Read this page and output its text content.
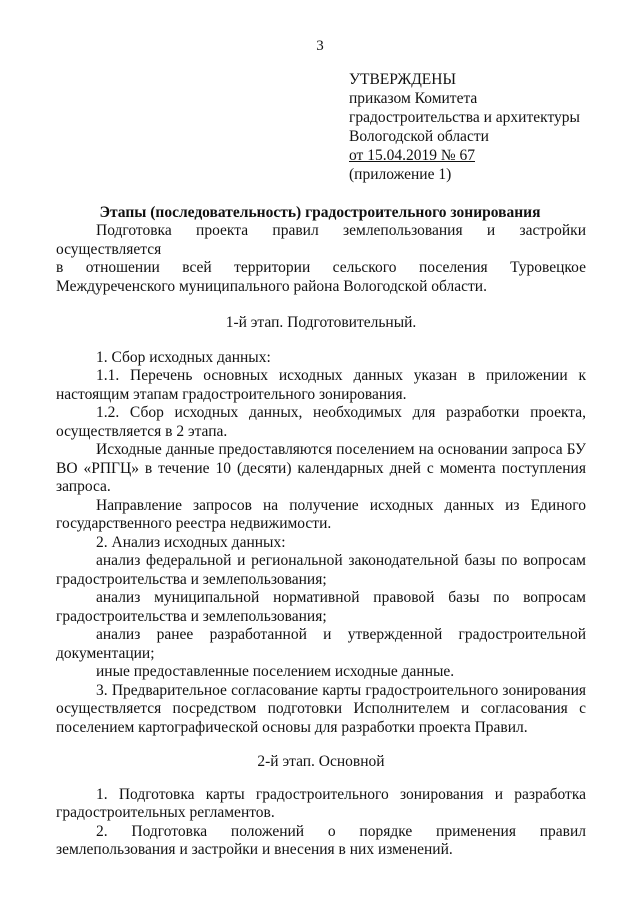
3
УТВЕРЖДЕНЫ
приказом Комитета
градостроительства и архитектуры
Вологодской области
от 15.04.2019 № 67
(приложение 1)
Этапы (последовательность) градостроительного зонирования

Подготовка проекта правил землепользования и застройки осуществляется

в отношении всей территории сельского поселения Туровецкое

Междуреченского муниципального района Вологодской области.

1-й этап. Подготовительный.

1. Сбор исходных данных:

1.1. Перечень основных исходных данных указан в приложении к

настоящим этапам градостроительного зонирования.

1.2. Сбор исходных данных, необходимых для разработки проекта,

осуществляется в 2 этапа.

Исходные данные предоставляются поселением на основании запроса БУ

ВО «РПГЦ» в течение 10 (десяти) календарных дней с момента поступления

запроса.

Направление запросов на получение исходных данных из Единого

государственного реестра недвижимости.

2. Анализ исходных данных:

анализ федеральной и региональной законодательной базы по вопросам

градостроительства и землепользования;

анализ муниципальной нормативной правовой базы по вопросам

градостроительства и землепользования;

анализ ранее разработанной и утвержденной градостроительной

документации;

иные предоставленные поселением исходные данные.

3. Предварительное согласование карты градостроительного зонирования

осуществляется посредством подготовки Исполнителем и согласования с

поселением картографической основы для разработки проекта Правил.

2-й этап. Основной

1. Подготовка карты градостроительного зонирования и разработка

градостроительных регламентов.

2. Подготовка положений о порядке применения правил

землепользования и застройки и внесения в них изменений.
